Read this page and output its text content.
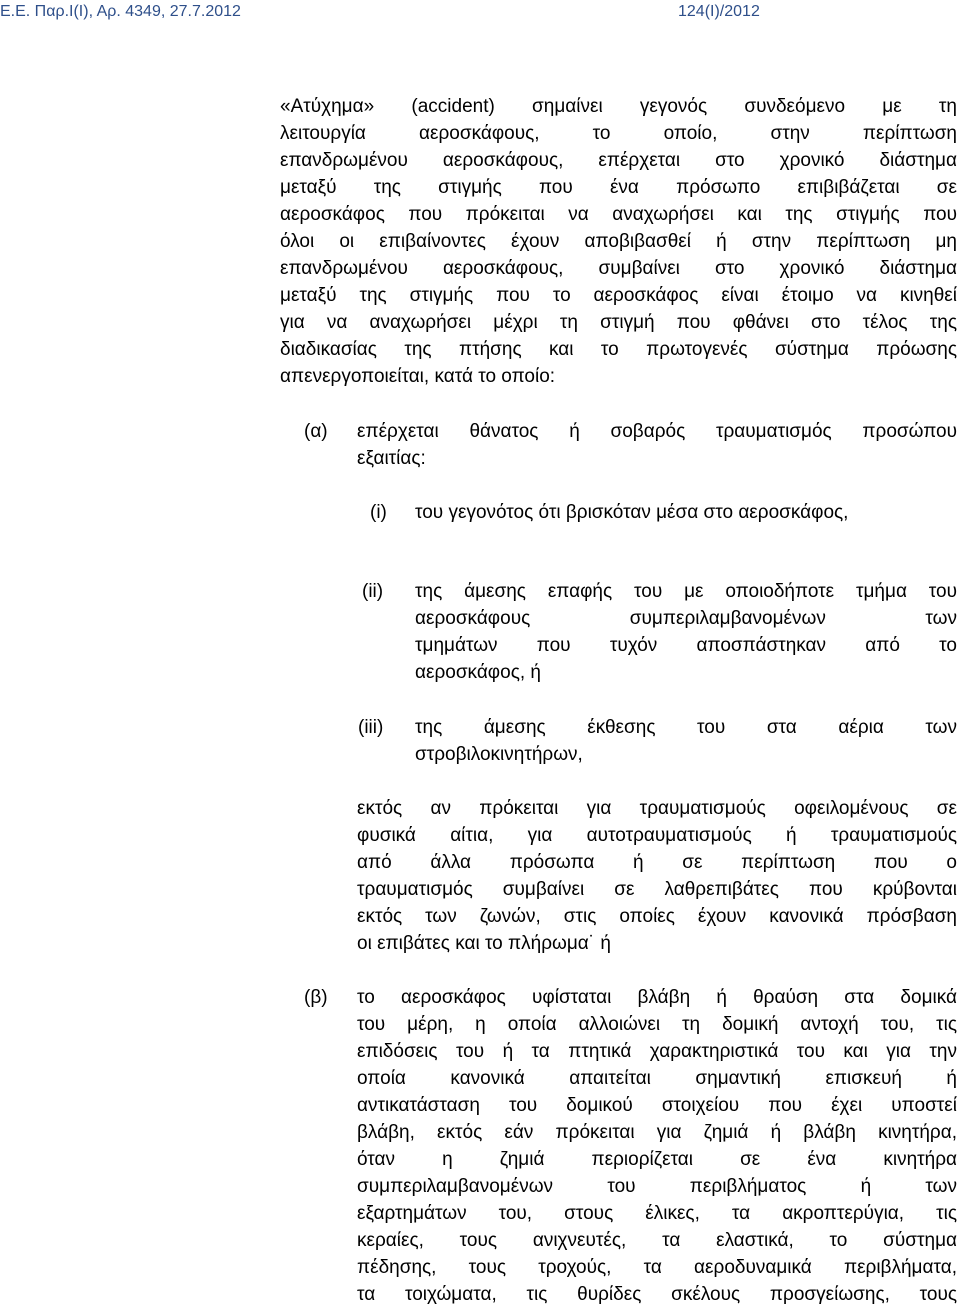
Ε.Ε. Παρ.Ι(Ι), Αρ. 4349, 27.7.2012	124(Ι)/2012
«Ατύχημα» (accident) σημαίνει γεγονός συνδεόμενο με τη
λειτουργία αεροσκάφους, το οποίο, στην περίπτωση
επανδρωμένου αεροσκάφους, επέρχεται στο χρονικό διάστημα
μεταξύ της στιγμής που ένα πρόσωπο επιβιβάζεται σε
αεροσκάφος που πρόκειται να αναχωρήσει και της στιγμής που
όλοι οι επιβαίνοντες έχουν αποβιβασθεί ή στην περίπτωση μη
επανδρωμένου αεροσκάφους, συμβαίνει στο χρονικό διάστημα
μεταξύ της στιγμής που το αεροσκάφος είναι έτοιμο να κινηθεί
για να αναχωρήσει μέχρι τη στιγμή που φθάνει στο τέλος της
διαδικασίας της πτήσης και το πρωτογενές σύστημα πρόωσης
απενεργοποιείται, κατά το οποίο:
(α) επέρχεται θάνατος ή σοβαρός τραυματισμός προσώπου
εξαιτίας:
(i) του γεγονότος ότι βρισκόταν μέσα στο αεροσκάφος,
(ii) της άμεσης επαφής του με οποιοδήποτε τμήμα του
αεροσκάφους συμπεριλαμβανομένων των
τμημάτων που τυχόν αποσπάστηκαν από το
αεροσκάφος, ή
(iii) της άμεσης έκθεσης του στα αέρια των
στροβιλοκινητήρων,
εκτός αν πρόκειται για τραυματισμούς οφειλομένους σε
φυσικά αίτια, για αυτοτραυματισμούς ή τραυματισμούς
από άλλα πρόσωπα ή σε περίπτωση που ο
τραυματισμός συμβαίνει σε λαθρεπιβάτες που κρύβονται
εκτός των ζωνών, στις οποίες έχουν κανονικά πρόσβαση
οι επιβάτες και το πλήρωμα˙ ή
(β) το αεροσκάφος υφίσταται βλάβη ή θραύση στα δομικά
του μέρη, η οποία αλλοιώνει τη δομική αντοχή του, τις
επιδόσεις του ή τα πτητικά χαρακτηριστικά του και για την
οποία κανονικά απαιτείται σημαντική επισκευή ή
αντικατάσταση του δομικού στοιχείου που έχει υποστεί
βλάβη, εκτός εάν πρόκειται για ζημιά ή βλάβη κινητήρα,
όταν η ζημιά περιορίζεται σε ένα κινητήρα
συμπεριλαμβανομένων του περιβλήματος ή των
εξαρτημάτων του, στους έλικες, τα ακροπτερύγια, τις
κεραίες, τους ανιχνευτές, τα ελαστικά, το σύστημα
πέδησης, τους τροχούς, τα αεροδυναμικά περιβλήματα,
τα τοιχώματα, τις θυρίδες σκέλους προσγείωσης, τους
